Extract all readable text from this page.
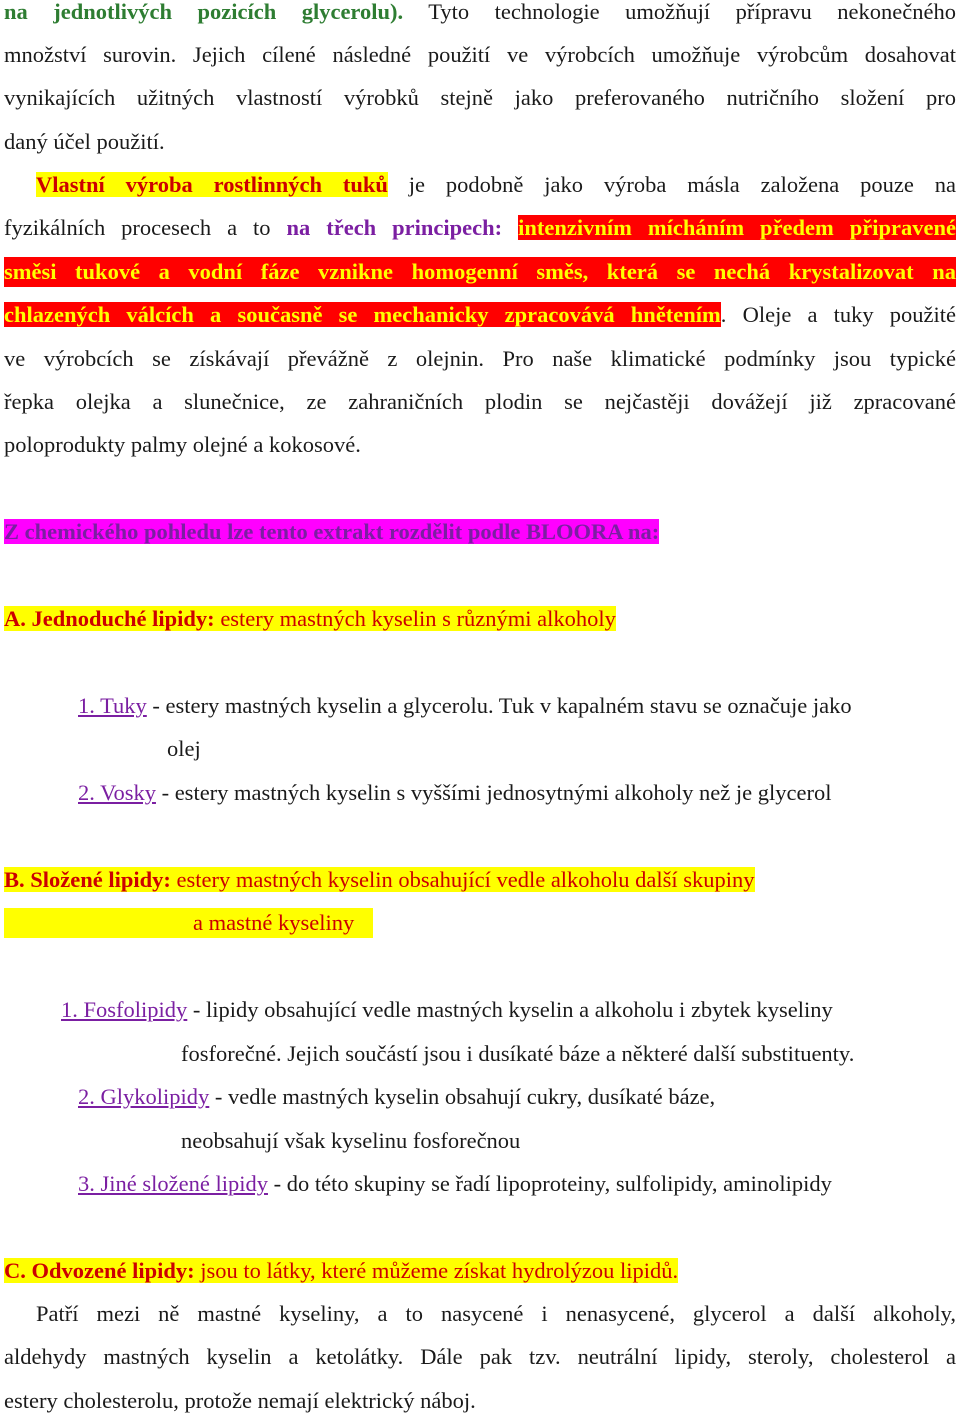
na jednotlivých pozicích glycerolu). Tyto technologie umožňují přípravu nekonečného
množství surovin. Jejich cílené následné použití ve výrobcích umožňuje výrobcům dosahovat
vynikajících užitných vlastností výrobků stejně jako preferovaného nutričního složení pro
daný účel použití.
Vlastní výroba rostlinných tuků je podobně jako výroba másla založena pouze na
fyzikálních procesech a to na třech principech: intenzivním mícháním předem připravené
směsi tukové a vodní fáze vznikne homogenní směs, která se nechá krystalizovat na
chlazených válcích a současně se mechanicky zpracovává hnětením. Oleje a tuky použité
ve výrobcích se získávají převážně z olejnin. Pro naše klimatické podmínky jsou typické
řepka olejka a slunečnice, ze zahraničních plodin se nejčastěji dovážejí již zpracované
poloprodukty palmy olejné a kokosové.
Z chemického pohledu lze tento extrakt rozdělit podle BLOORA na:
A. Jednoduché lipidy: estery mastných kyselin s různými alkoholy
1. Tuky - estery mastných kyselin a glycerolu. Tuk v kapalném stavu se označuje jako
olej
2. Vosky - estery mastných kyselin s vyššími jednosytnými alkoholy než je glycerol
B. Složené lipidy: estery mastných kyselin obsahující vedle alkoholu další skupiny
a mastné kyseliny
1. Fosfolipidy - lipidy obsahující vedle mastných kyselin a alkoholu i zbytek kyseliny
fosforečné. Jejich součástí jsou i dusíkaté báze a některé další substituenty.
2. Glykolipidy - vedle mastných kyselin obsahují cukry, dusíkaté báze,
neobsahují však kyselinu fosforečnou
3. Jiné složené lipidy - do této skupiny se řadí lipoproteiny, sulfolipidy, aminolipidy
C. Odvozené lipidy: jsou to látky, které můžeme získat hydrolýzou lipidů.
Patří mezi ně mastné kyseliny, a to nasycené i nenasycené, glycerol a další alkoholy,
aldehydy mastných kyselin a ketolátky. Dále pak tzv. neutrální lipidy, steroly, cholesterol a
estery cholesterolu, protože nemají elektrický náboj.
